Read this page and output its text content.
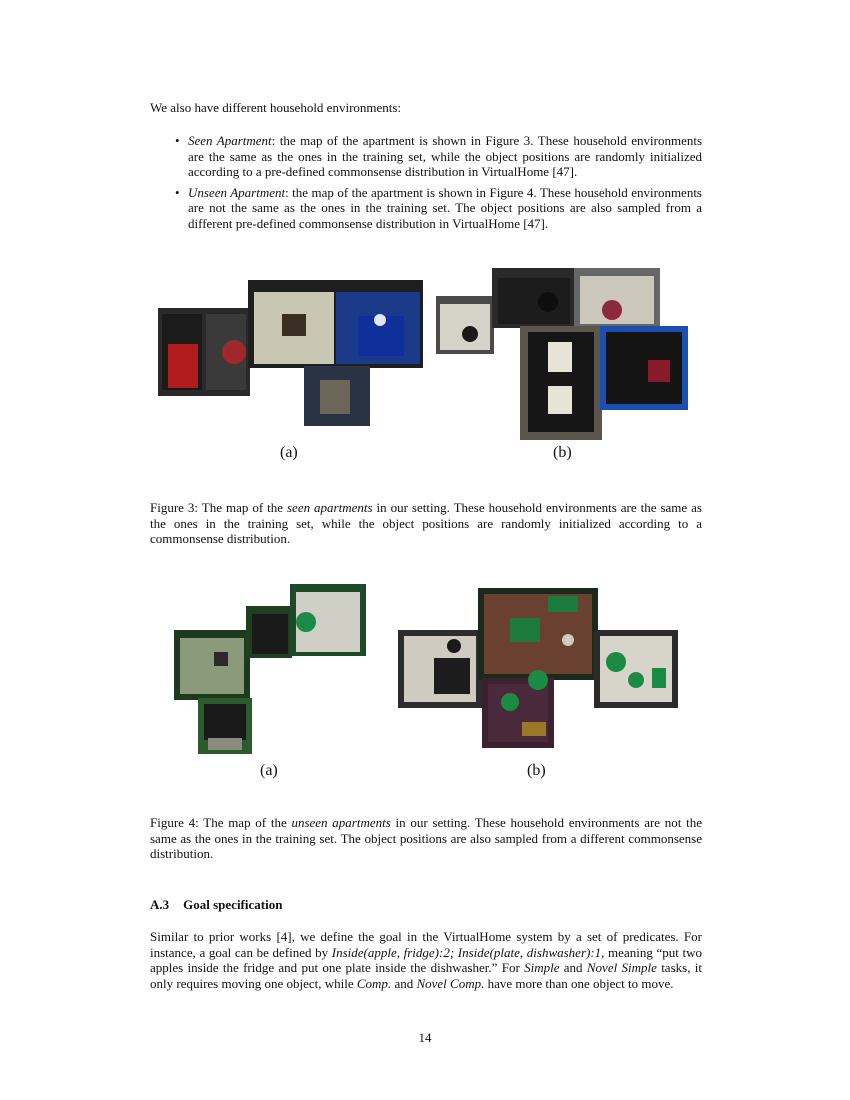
We also have different household environments:

• Seen Apartment: the map of the apartment is shown in Figure 3. These household environments are the same as the ones in the training set, while the object positions are randomly initialized according to a pre-defined commonsense distribution in VirtualHome [47].
• Unseen Apartment: the map of the apartment is shown in Figure 4. These household environments are not the same as the ones in the training set. The object positions are also sampled from a different pre-defined commonsense distribution in VirtualHome [47].
(a)	(b)

Figure 3: The map of the seen apartments in our setting. These household environments are the same as the ones in the training set, while the object positions are randomly initialized according to a commonsense distribution.

(a)	(b)

Figure 4: The map of the unseen apartments in our setting. These household environments are not the same as the ones in the training set. The object positions are also sampled from a different commonsense distribution.

A.3 Goal specification

Similar to prior works [4], we define the goal in the VirtualHome system by a set of predicates. For instance, a goal can be defined by Inside(apple, fridge):2; Inside(plate, dishwasher):1, meaning “put two apples inside the fridge and put one plate inside the dishwasher.” For Simple and Novel Simple tasks, it only requires moving one object, while Comp. and Novel Comp. have more than one object to move.

14
